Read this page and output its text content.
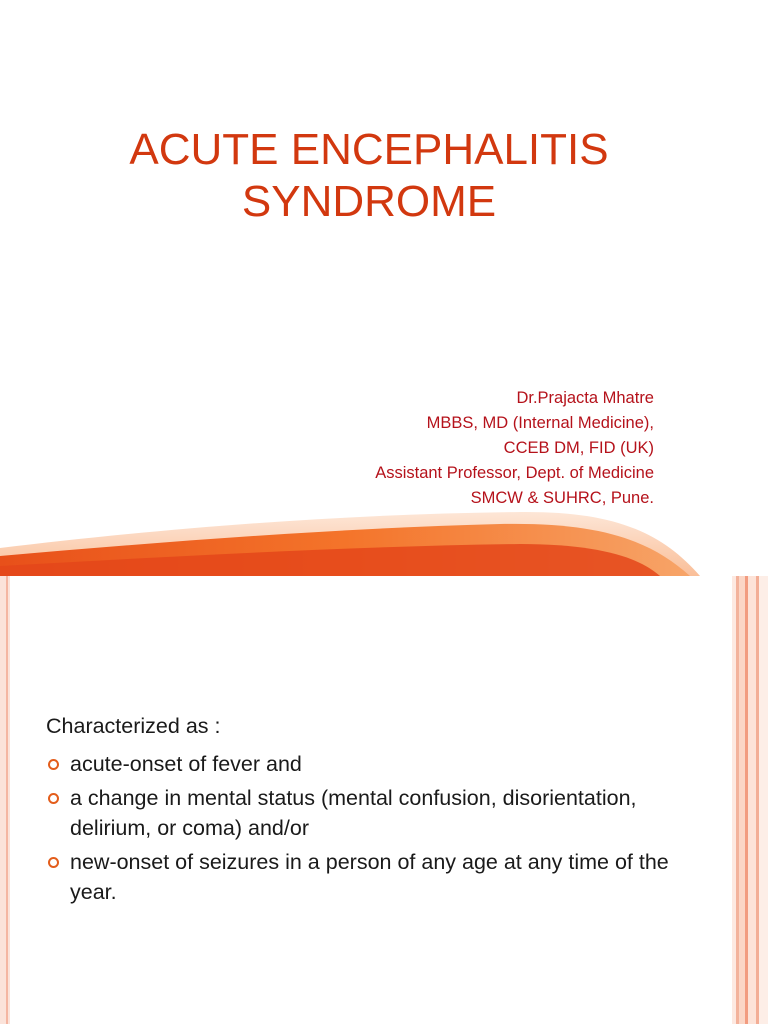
ACUTE ENCEPHALITIS
SYNDROME
Dr.Prajacta Mhatre
MBBS, MD (Internal Medicine),
CCEB DM, FID (UK)
Assistant Professor, Dept. of Medicine
SMCW & SUHRC, Pune.

Characterized as :

acute-onset of fever and
a change in mental status (mental confusion, disorientation, delirium, or coma) and/or
new-onset of seizures in a person of any age at any time of the year.
